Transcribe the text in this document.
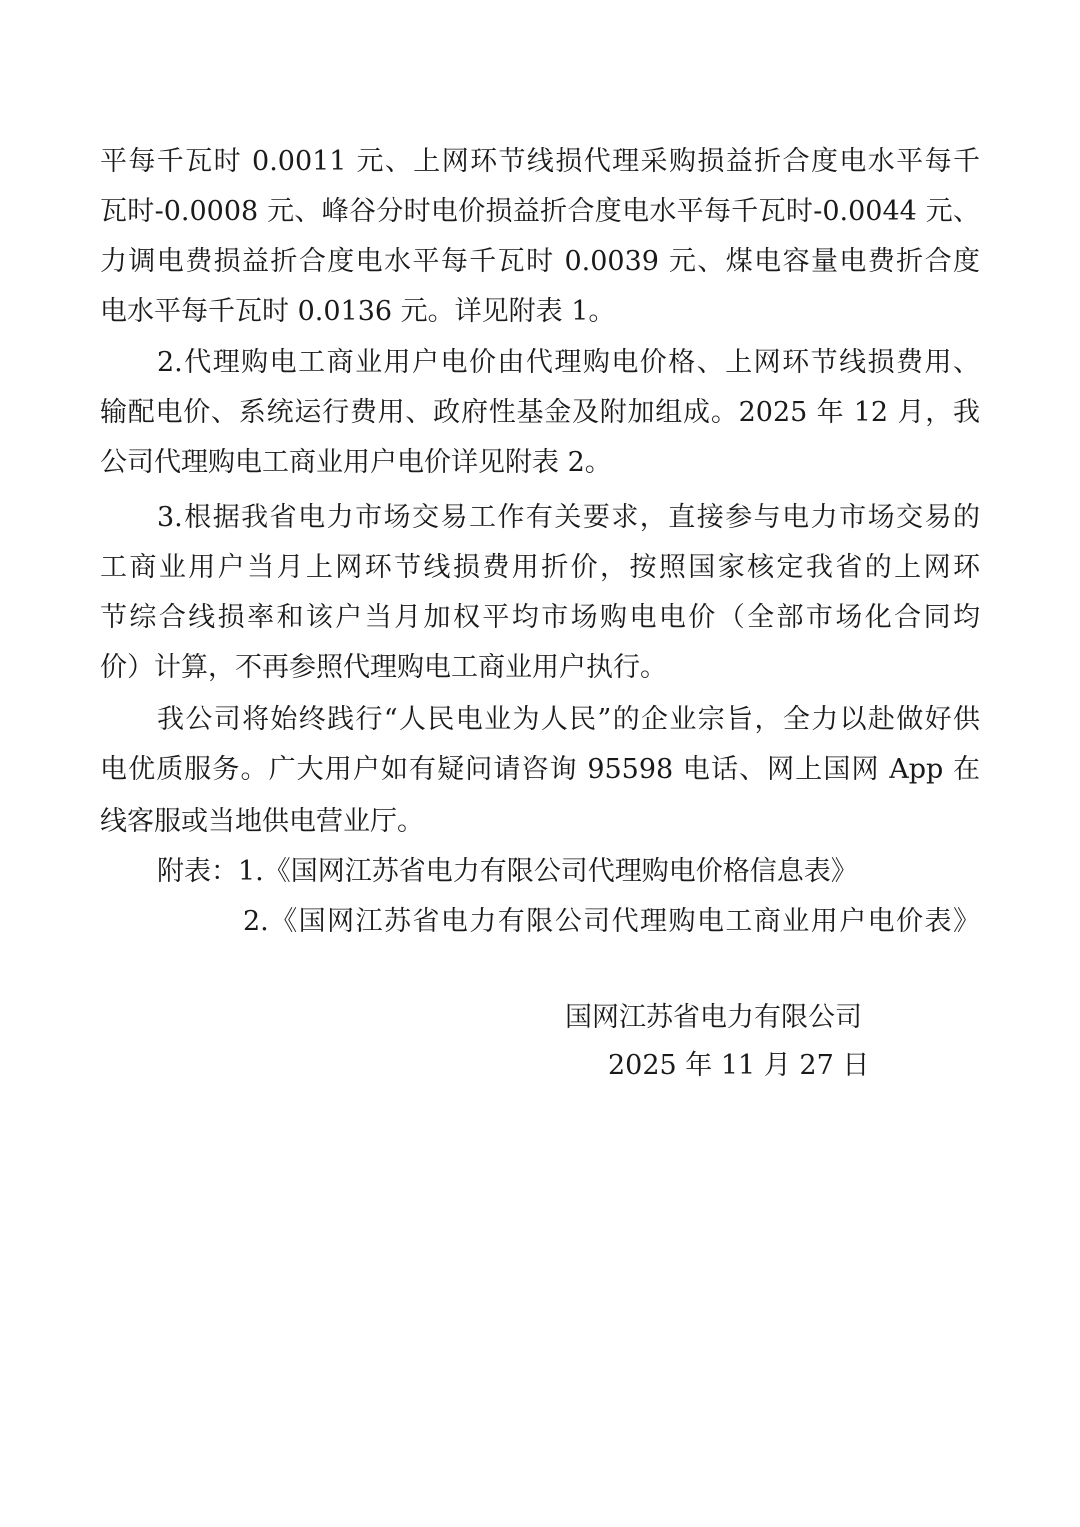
平每千瓦时 0.0011 元、上网环节线损代理采购损益折合度电水平每千
瓦时-0.0008 元、峰谷分时电价损益折合度电水平每千瓦时-0.0044 元、
力调电费损益折合度电水平每千瓦时 0.0039 元、煤电容量电费折合度
电水平每千瓦时 0.0136 元。详见附表 1。
2.代理购电工商业用户电价由代理购电价格、上网环节线损费用、
输配电价、系统运行费用、政府性基金及附加组成。2025 年 12 月，我
公司代理购电工商业用户电价详见附表 2。
3.根据我省电力市场交易工作有关要求，直接参与电力市场交易的
工商业用户当月上网环节线损费用折价，按照国家核定我省的上网环
节综合线损率和该户当月加权平均市场购电电价（全部市场化合同均
价）计算，不再参照代理购电工商业用户执行。
我公司将始终践行“人民电业为人民”的企业宗旨，全力以赴做好供
电优质服务。广大用户如有疑问请咨询 95598 电话、网上国网 App 在
线客服或当地供电营业厅。
附表：1.《国网江苏省电力有限公司代理购电价格信息表》
2.《国网江苏省电力有限公司代理购电工商业用户电价表》
国网江苏省电力有限公司
2025 年 11 月 27 日
